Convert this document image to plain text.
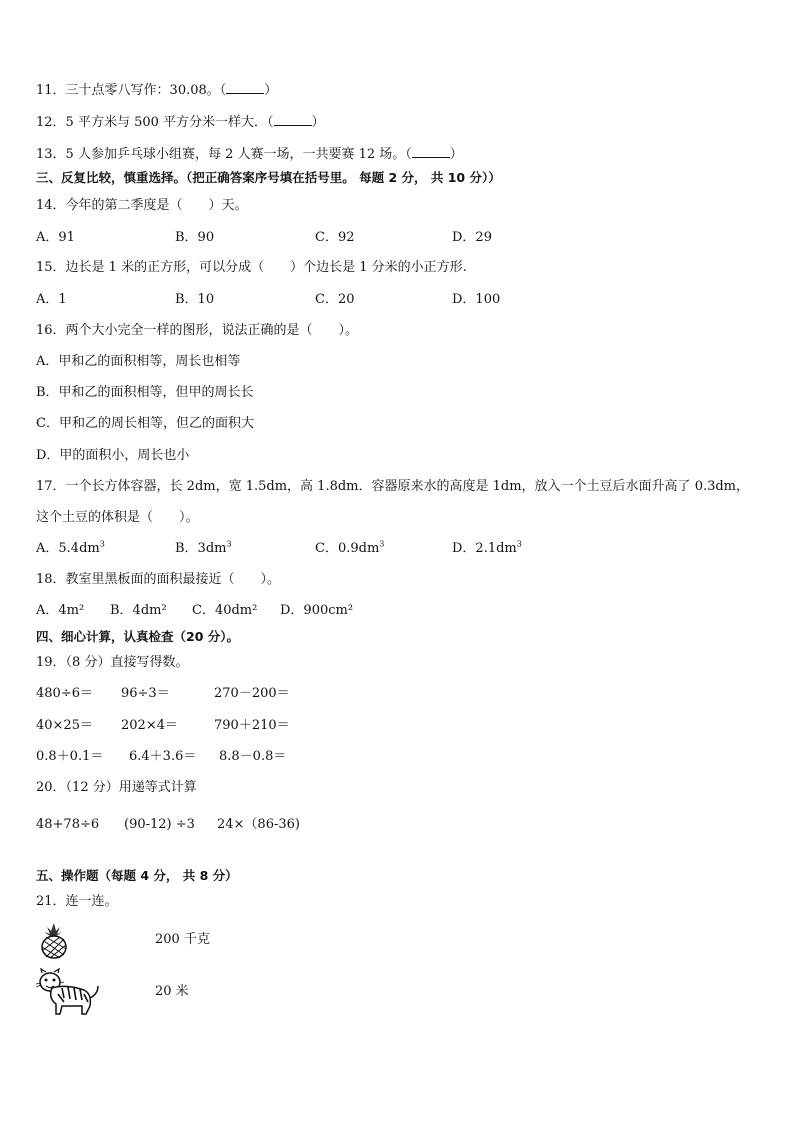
11．三十点零八写作：30.08。（	）
12．5 平方米与 500 平方分米一样大．（	）
13．5 人参加乒乓球小组赛，每 2 人赛一场，一共要赛 12 场。（	）
三、反复比较，慎重选择。（把正确答案序号填在括号里。 每题 2 分， 共 10 分））
14．今年的第二季度是（　　）天。
A．91	B．90	C．92	D．29
15．边长是 1 米的正方形，可以分成（　　）个边长是 1 分米的小正方形.
A．1	B．10	C．20	D．100
16．两个大小完全一样的图形，说法正确的是（　　）。
A．甲和乙的面积相等，周长也相等
B．甲和乙的面积相等，但甲的周长长
C．甲和乙的周长相等，但乙的面积大
D．甲的面积小，周长也小
17．一个长方体容器，长 2dm，宽 1.5dm，高 1.8dm．容器原来水的高度是 1dm，放入一个土豆后水面升高了 0.3dm，
这个土豆的体积是（　　）。
A．$5.4dm^3$	B．$3dm^3$	C．$0.9dm^3$	D．$2.1dm^3$
18．教室里黑板面的面积最接近（　　）。
A．4m² B．4dm² C．40dm² D．900cm²
四、细心计算，认真检查（20 分）。
19．（8 分）直接写得数。
480÷6＝ 96÷3＝	270－200＝
40×25＝ 202×4＝	790＋210＝
0.8＋0.1＝ 6.4＋3.6＝ 8.8－0.8＝
20．（12 分）用递等式计算
48+78÷6 (90-12) ÷3 24×（86-36)
五、操作题（每题 4 分， 共 8 分）
21．连一连。
200 千克
20 米
